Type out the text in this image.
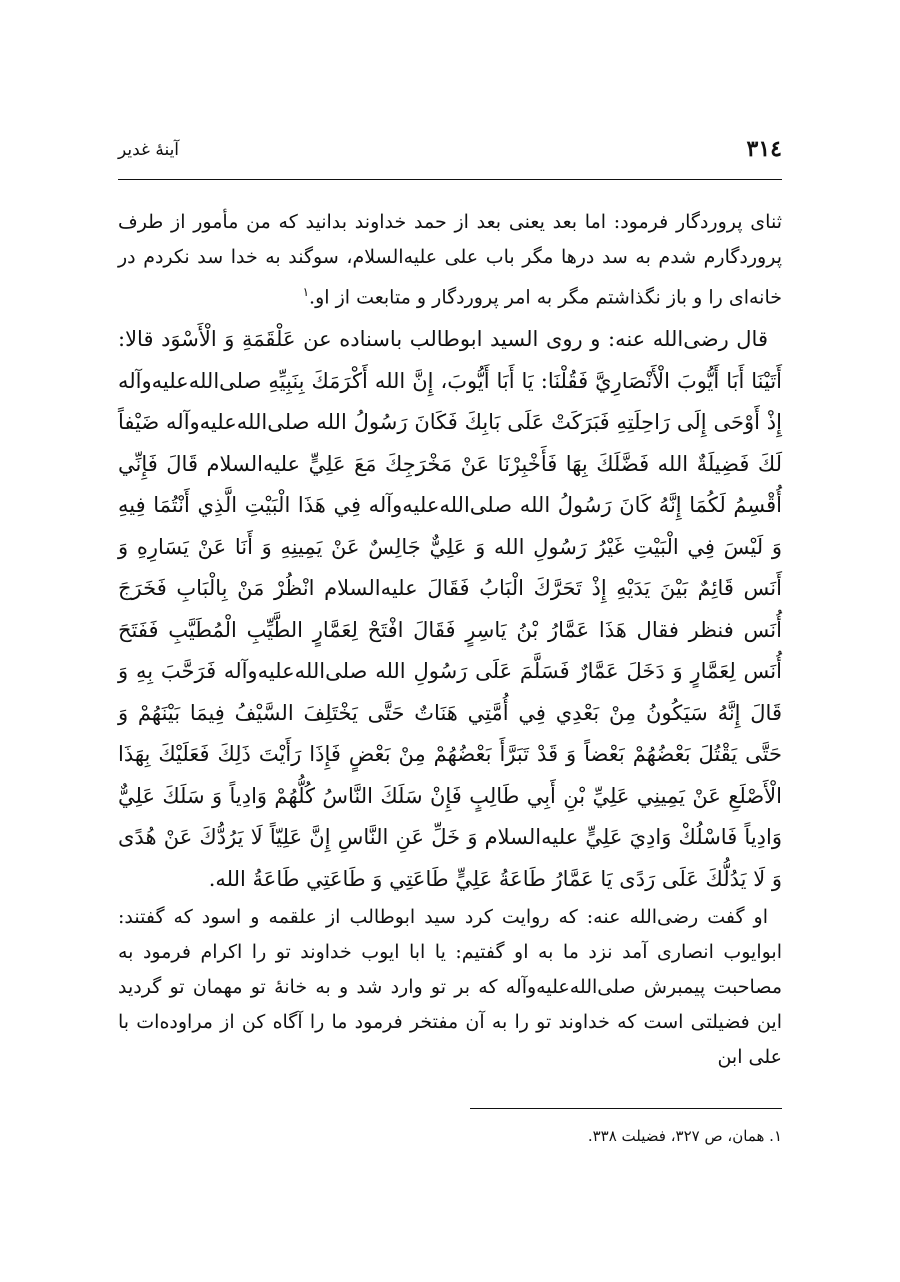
٣١٤
آينهٔ غدير

ثنای پروردگار فرمود: اما بعد یعنی بعد از حمد خداوند بدانید که من مأمور از طرف پروردگارم شدم به سد درها مگر باب علی علیه‌السلام، سوگند به خدا سد نکردم در خانه‌ای را و باز نگذاشتم مگر به امر پروردگار و متابعت از او.$^١$

قال رضی‌الله عنه: و روی السید ابوطالب باسناده عن عَلْقَمَةِ وَ الْأَسْوَد قالا: أَتَيْنَا أَبَا أَيُّوبَ الْأَنْصَارِيَّ فَقُلْنَا: يَا أَبَا أَيُّوبَ، إِنَّ الله أَكْرَمَكَ بِنَبِيِّهِ صلی‌الله‌علیه‌وآله إِذْ أَوْحَى إِلَى رَاحِلَتِهِ فَبَرَكَتْ عَلَى بَابِكَ فَكَانَ رَسُولُ الله صلی‌الله‌علیه‌وآله ضَيْفاً لَكَ فَضِيلَةٌ الله فَضَّلَكَ بِهَا فَأَخْبِرْنَا عَنْ مَخْرَجِكَ مَعَ عَلِيٍّ علیه‌السلام قَالَ فَإِنِّي أُقْسِمُ لَكُمَا إِنَّهُ كَانَ رَسُولُ الله صلی‌الله‌علیه‌وآله فِي هَذَا الْبَيْتِ الَّذِي أَنْتُمَا فِيهِ وَ لَيْسَ فِي الْبَيْتِ غَيْرُ رَسُولِ الله وَ عَلِيٌّ جَالِسٌ عَنْ يَمِينِهِ وَ أَنَا عَنْ يَسَارِهِ وَ أَنَس قَائِمٌ بَيْنَ يَدَيْهِ إِذْ تَحَرَّكَ الْبَابُ فَقَالَ علیه‌السلام انْظُرْ مَنْ بِالْبَابِ فَخَرَجَ أُنَس فنظر فقال هَذَا عَمَّارُ بْنُ يَاسِرٍ فَقَالَ افْتَحْ لِعَمَّارٍ الطَّيِّبِ الْمُطَيَّبِ فَفَتَحَ أُنَس لِعَمَّارٍ وَ دَخَلَ عَمَّارٌ فَسَلَّمَ عَلَى رَسُولِ الله صلی‌الله‌علیه‌وآله فَرَحَّبَ بِهِ وَ قَالَ إِنَّهُ سَيَكُونُ مِنْ بَعْدِي فِي أُمَّتِي هَنَاتٌ حَتَّى يَخْتَلِفَ السَّيْفُ فِيمَا بَيْنَهُمْ وَ حَتَّى يَقْتُلَ بَعْضُهُمْ بَعْضاً وَ قَدْ تَبَرَّأَ بَعْضُهُمْ مِنْ بَعْضٍ فَإِذَا رَأَيْتَ ذَلِكَ فَعَلَيْكَ بِهَذَا الْأَصْلَعِ عَنْ يَمِينِي عَلِيِّ بْنِ أَبِي طَالِبٍ فَإِنْ سَلَكَ النَّاسُ كُلُّهُمْ وَادِياً وَ سَلَكَ عَلِيٌّ وَادِياً فَاسْلُكْ وَادِيَ عَلِيٍّ علیه‌السلام وَ خَلِّ عَنِ النَّاسِ إِنَّ عَلِيّاً لَا يَرُدُّكَ عَنْ هُدًى وَ لَا يَدُلُّكَ عَلَى رَدًى يَا عَمَّارُ طَاعَةُ عَلِيٍّ طَاعَتِي وَ طَاعَتِي طَاعَةُ الله.

او گفت رضی‌الله عنه: که روایت کرد سید ابوطالب از علقمه و اسود که گفتند: ابوایوب انصاری آمد نزد ما به او گفتیم: یا ابا ایوب خداوند تو را اکرام فرمود به مصاحبت پیمبرش صلی‌الله‌علیه‌وآله که بر تو وارد شد و به خانهٔ تو مهمان تو گردید این فضیلتی است که خداوند تو را به آن مفتخر فرمود ما را آگاه کن از مراودەات با علی ابن

١. همان، ص ٣٢٧، فضیلت ٣٣٨.
